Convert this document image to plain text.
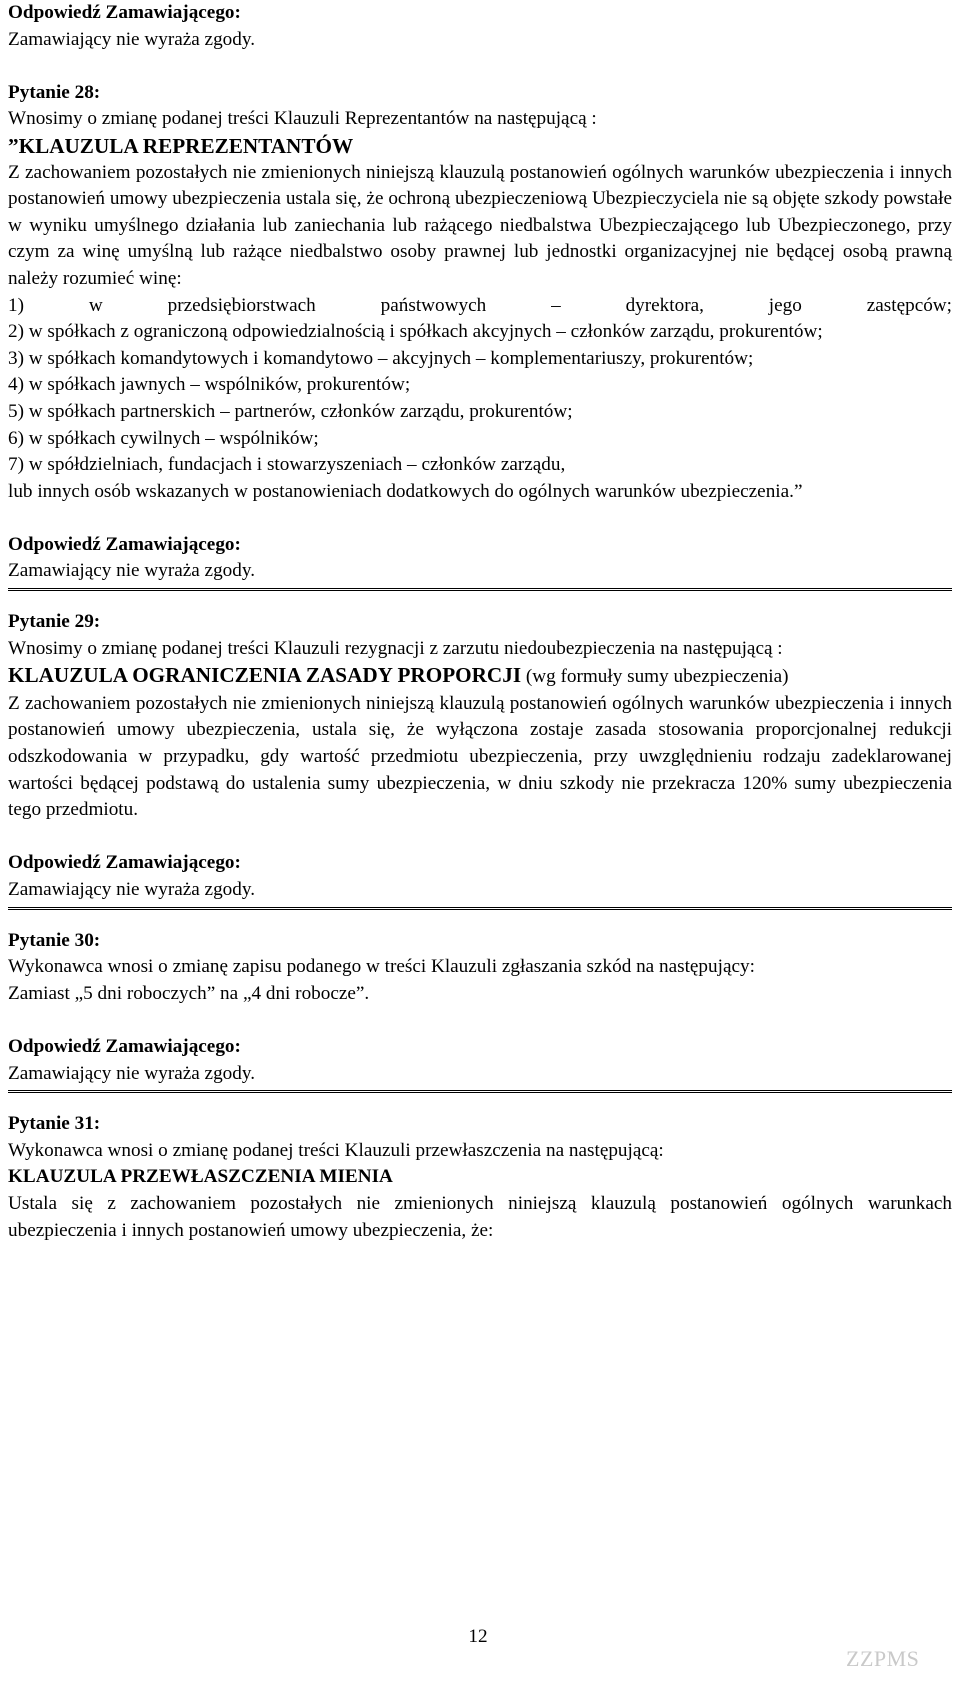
Odpowiedź Zamawiającego:

Zamawiający nie wyraża zgody.

Pytanie 28:

Wnosimy o zmianę podanej treści Klauzuli Reprezentantów na następującą :

”KLAUZULA REPREZENTANTÓW

Z zachowaniem pozostałych nie zmienionych niniejszą klauzulą postanowień ogólnych warunków ubezpieczenia i innych postanowień umowy ubezpieczenia ustala się, że ochroną ubezpieczeniową Ubezpieczyciela nie są objęte szkody powstałe w wyniku umyślnego działania lub zaniechania lub rażącego niedbalstwa Ubezpieczającego lub Ubezpieczonego, przy czym za winę umyślną lub rażące niedbalstwo osoby prawnej lub jednostki organizacyjnej nie będącej osobą prawną należy rozumieć winę:

1) w przedsiębiorstwach państwowych – dyrektora, jego zastępców;

2) w spółkach z ograniczoną odpowiedzialnością i spółkach akcyjnych – członków zarządu, prokurentów;

3) w spółkach komandytowych i komandytowo – akcyjnych – komplementariuszy, prokurentów;

4) w spółkach jawnych – wspólników, prokurentów;

5) w spółkach partnerskich – partnerów, członków zarządu, prokurentów;

6) w spółkach cywilnych – wspólników;

7) w spółdzielniach, fundacjach i stowarzyszeniach – członków zarządu,

lub innych osób wskazanych w postanowieniach dodatkowych do ogólnych warunków ubezpieczenia.”

Odpowiedź Zamawiającego:

Zamawiający nie wyraża zgody.

Pytanie 29:

Wnosimy o zmianę podanej treści Klauzuli rezygnacji z zarzutu niedoubezpieczenia na następującą :

KLAUZULA OGRANICZENIA ZASADY PROPORCJI (wg formuły sumy ubezpieczenia)

Z zachowaniem pozostałych nie zmienionych niniejszą klauzulą postanowień ogólnych warunków ubezpieczenia i innych postanowień umowy ubezpieczenia, ustala się, że wyłączona zostaje zasada stosowania proporcjonalnej redukcji odszkodowania w przypadku, gdy wartość przedmiotu ubezpieczenia, przy uwzględnieniu rodzaju zadeklarowanej wartości będącej podstawą do ustalenia sumy ubezpieczenia, w dniu szkody nie przekracza 120% sumy ubezpieczenia tego przedmiotu.

Odpowiedź Zamawiającego:

Zamawiający nie wyraża zgody.

Pytanie 30:

Wykonawca wnosi o zmianę zapisu podanego w treści Klauzuli zgłaszania szkód na następujący:

Zamiast „5 dni roboczych” na „4 dni robocze”.

Odpowiedź Zamawiającego:

Zamawiający nie wyraża zgody.

Pytanie 31:

Wykonawca wnosi o zmianę podanej treści Klauzuli przewłaszczenia na następującą:

KLAUZULA PRZEWŁASZCZENIA MIENIA

Ustala się z zachowaniem pozostałych nie zmienionych niniejszą klauzulą postanowień ogólnych warunkach ubezpieczenia i innych postanowień umowy ubezpieczenia, że:

12
ZZPMS
